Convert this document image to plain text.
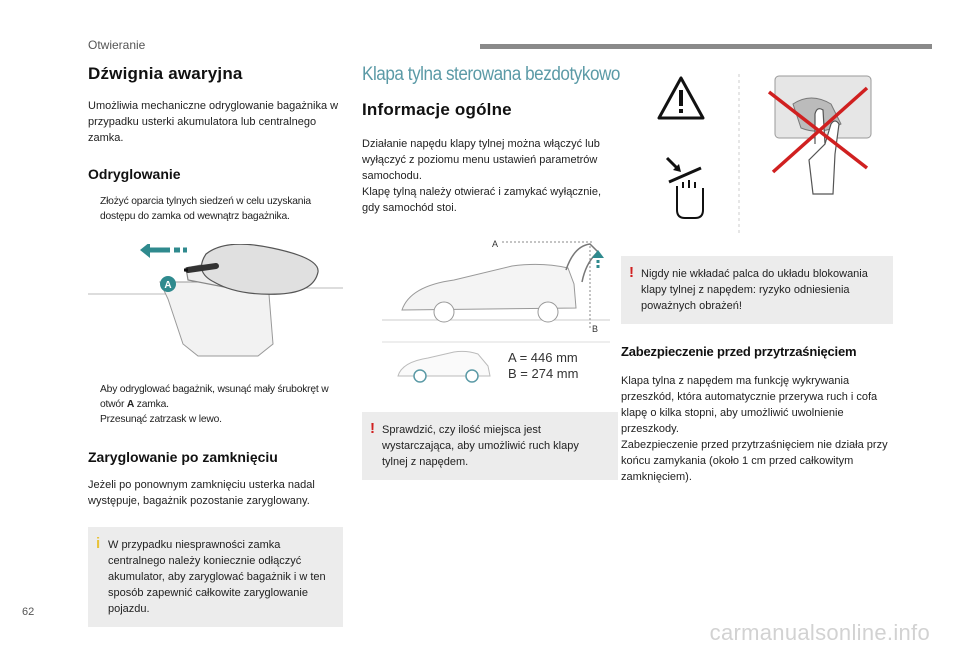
Otwieranie
Dźwignia awaryjna

Umożliwia mechaniczne odryglowanie bagażnika w przypadku usterki akumulatora lub centralnego zamka.

Odryglowanie
Złożyć oparcia tylnych siedzeń w celu uzyskania dostępu do zamka od wewnątrz bagażnika.
A
Aby odryglować bagażnik, wsunąć mały śrubokręt w otwór A zamka.
Przesunąć zatrzask w lewo.
Zaryglowanie po zamknięciu

Jeżeli po ponownym zamknięciu usterka nadal występuje, bagażnik pozostanie zaryglowany.

i W przypadku niesprawności zamka centralnego należy koniecznie odłączyć akumulator, aby zaryglować bagażnik i w ten sposób zapewnić całkowite zaryglowanie pojazdu.

Klapa tylna sterowana bezdotykowo
Informacje ogólne

Działanie napędu klapy tylnej można włączyć lub wyłączyć z poziomu menu ustawień parametrów samochodu.

Klapę tylną należy otwierać i zamykać wyłącznie, gdy samochód stoi.

A
B
A = 446 mm
B = 274 mm
! Sprawdzić, czy ilość miejsca jest wystarczająca, aby umożliwić ruch klapy tylnej z napędem.

! Nigdy nie wkładać palca do układu blokowania klapy tylnej z napędem: ryzyko odniesienia poważnych obrażeń!

Zabezpieczenie przed przytrzaśnięciem

Klapa tylna z napędem ma funkcję wykrywania przeszkód, która automatycznie przerywa ruch i cofa klapę o kilka stopni, aby umożliwić uwolnienie przeszkody.

Zabezpieczenie przed przytrzaśnięciem nie działa przy końcu zamykania (około 1 cm przed całkowitym zamknięciem).

62
carmanualsonline.info
